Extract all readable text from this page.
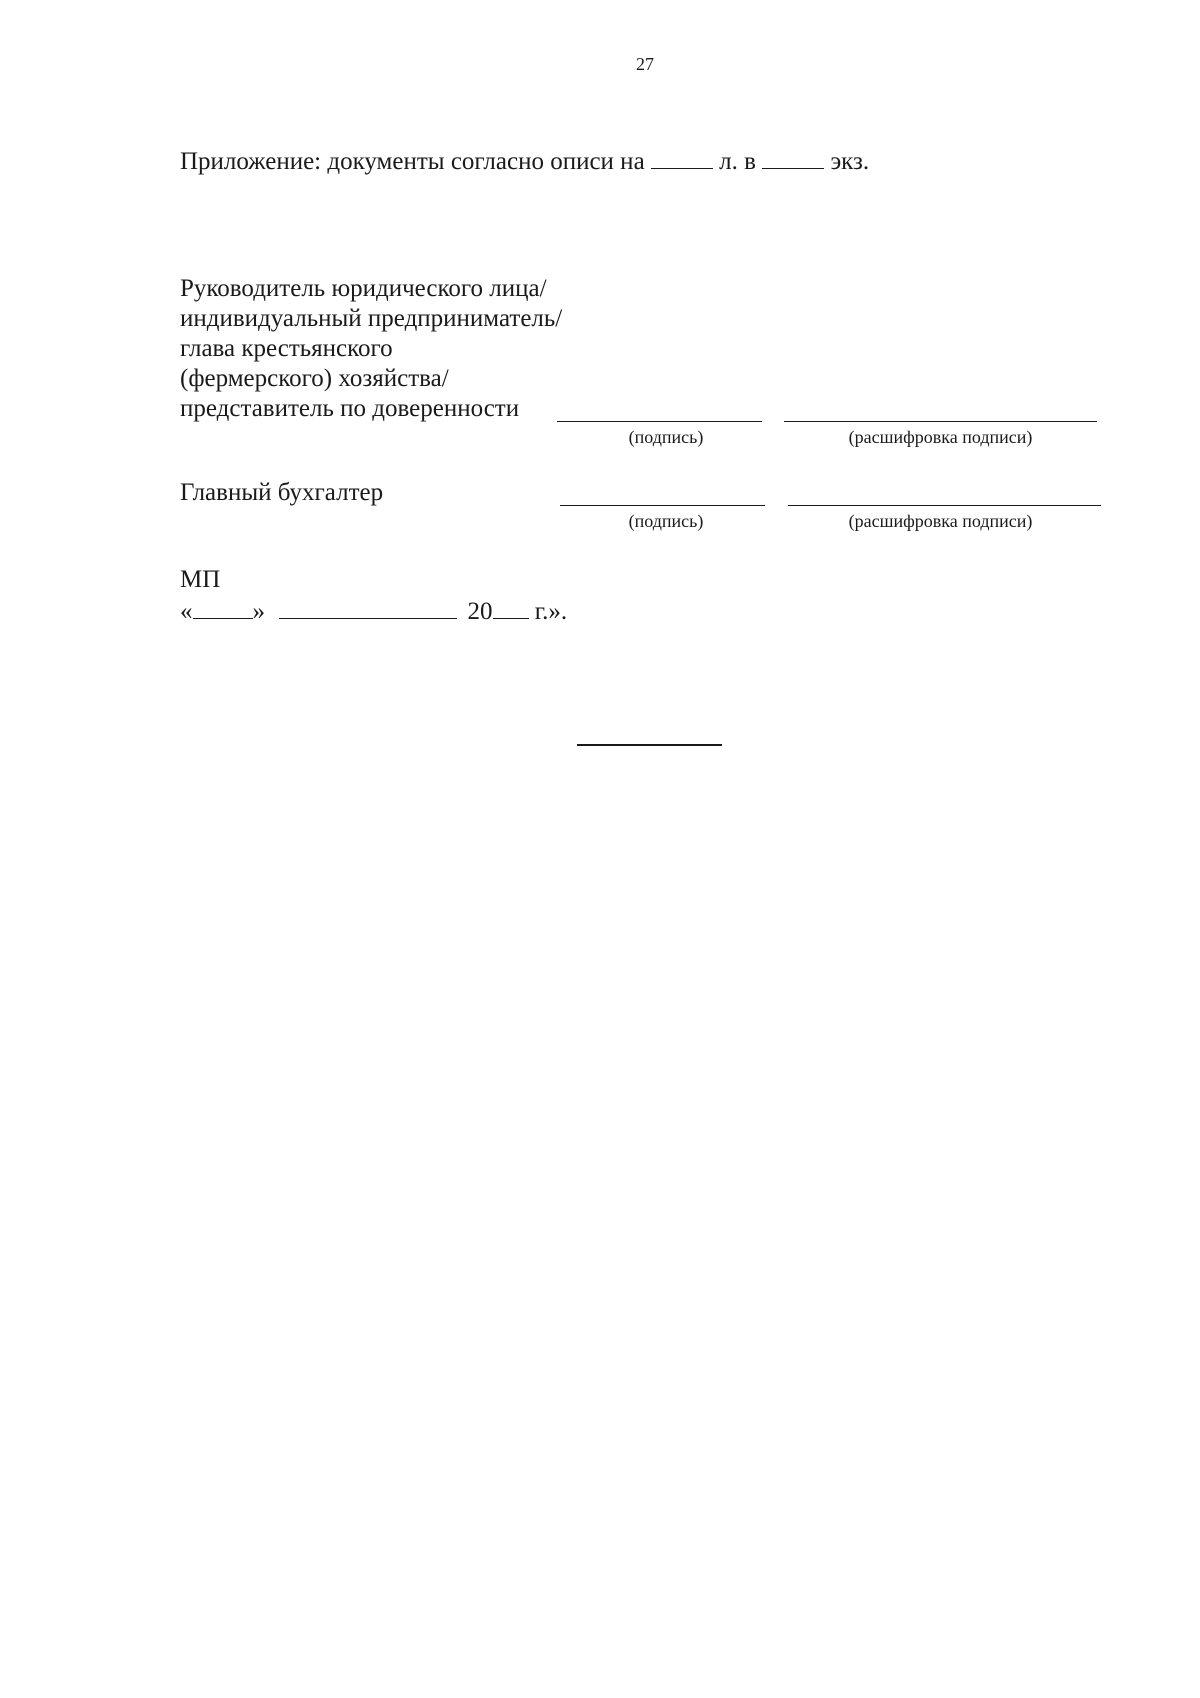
27
Приложение: документы согласно описи на	л. в	экз.
Руководитель юридического лица/
индивидуальный предприниматель/
глава крестьянского
(фермерского) хозяйства/
представитель по доверенности
(подпись)	(расшифровка подписи)
Главный бухгалтер
(подпись)	(расшифровка подписи)
МП
« »	20 г.».
